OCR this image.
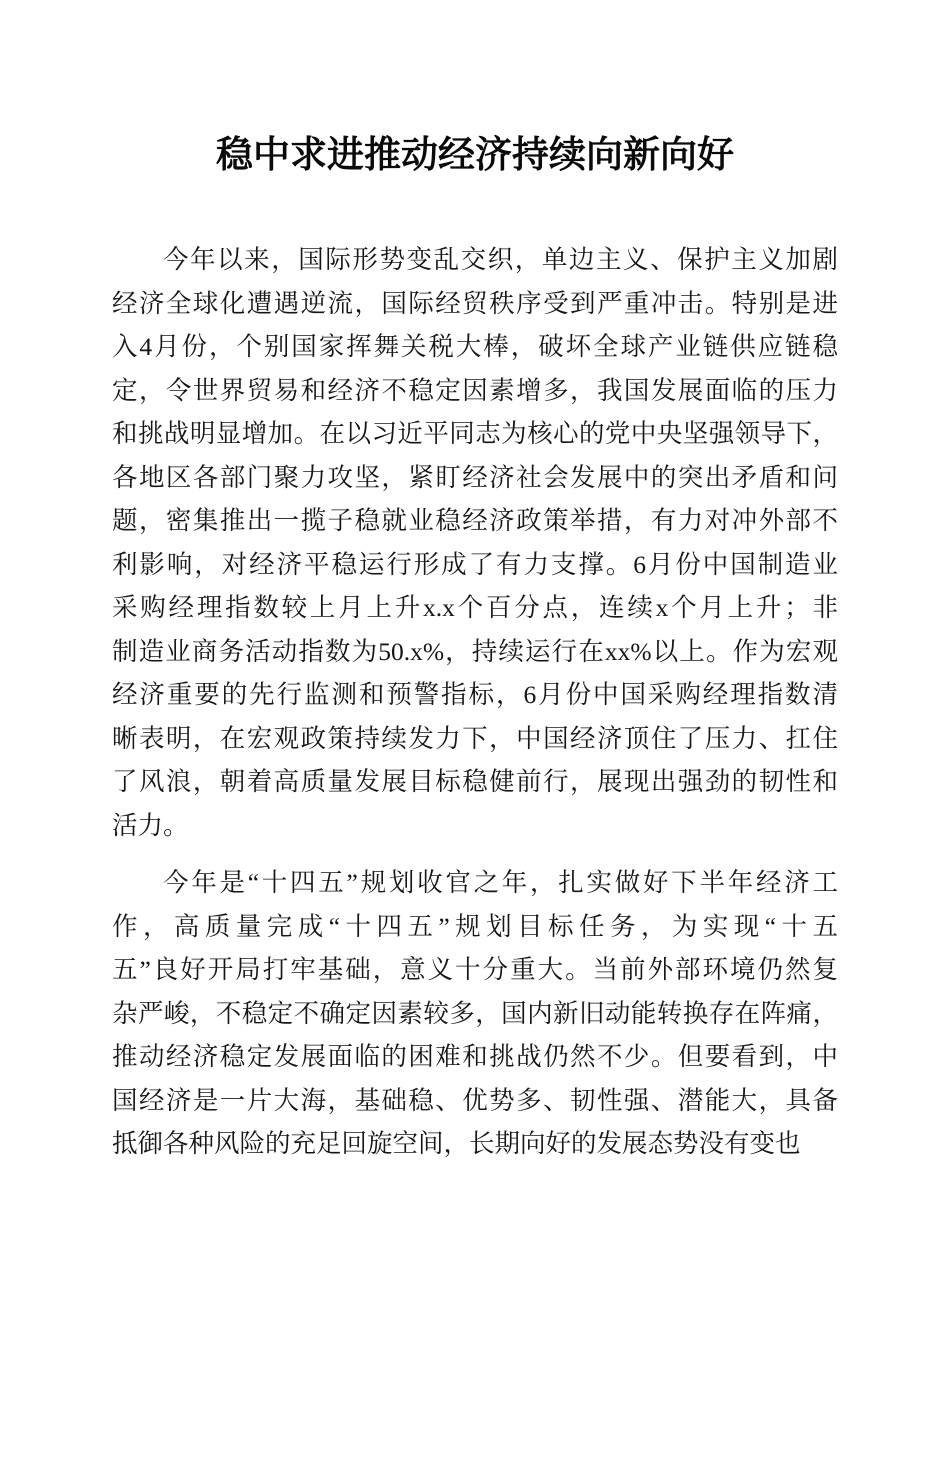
稳中求进推动经济持续向新向好
今年以来，国际形势变乱交织，单边主义、保护主义加剧
经济全球化遭遇逆流，国际经贸秩序受到严重冲击。特别是进
入4月份，个别国家挥舞关税大棒，破坏全球产业链供应链稳
定，令世界贸易和经济不稳定因素增多，我国发展面临的压力
和挑战明显增加。在以习近平同志为核心的党中央坚强领导下，
各地区各部门聚力攻坚，紧盯经济社会发展中的突出矛盾和问
题，密集推出一揽子稳就业稳经济政策举措，有力对冲外部不
利影响，对经济平稳运行形成了有力支撑。6月份中国制造业
采购经理指数较上月上升x.x个百分点，连续x个月上升；非
制造业商务活动指数为50.x%，持续运行在xx%以上。作为宏观
经济重要的先行监测和预警指标，6月份中国采购经理指数清
晰表明，在宏观政策持续发力下，中国经济顶住了压力、扛住
了风浪，朝着高质量发展目标稳健前行，展现出强劲的韧性和
活力。
今年是“十四五”规划收官之年，扎实做好下半年经济工
作，高质量完成“十四五”规划目标任务，为实现“十五
五”良好开局打牢基础，意义十分重大。当前外部环境仍然复
杂严峻，不稳定不确定因素较多，国内新旧动能转换存在阵痛，
推动经济稳定发展面临的困难和挑战仍然不少。但要看到，中
国经济是一片大海，基础稳、优势多、韧性强、潜能大，具备
抵御各种风险的充足回旋空间，长期向好的发展态势没有变也
